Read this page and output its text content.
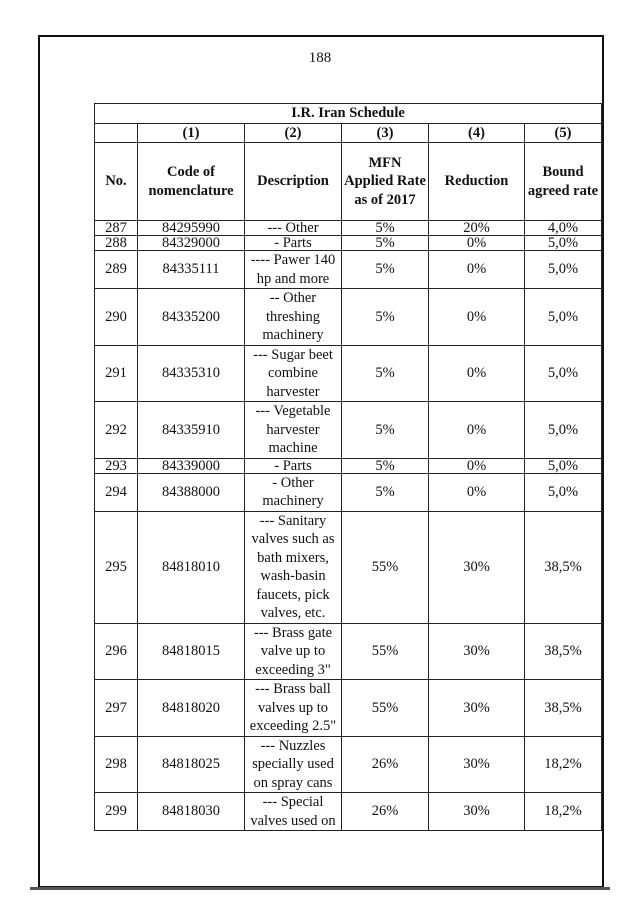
188
I.R. Iran Schedule					
	(1)	(2)	(3)	(4)	(5)
No.	Code of nomenclature	Description	MFN Applied Rate as of 2017	Reduction	Bound agreed rate
287	84295990	--- Other	5%	20%	4,0%
288	84329000	- Parts	5%	0%	5,0%
289	84335111	---- Pawer 140 hp and more	5%	0%	5,0%
290	84335200	-- Other threshing machinery	5%	0%	5,0%
291	84335310	--- Sugar beet combine harvester	5%	0%	5,0%
292	84335910	--- Vegetable harvester machine	5%	0%	5,0%
293	84339000	- Parts	5%	0%	5,0%
294	84388000	- Other machinery	5%	0%	5,0%
295	84818010	--- Sanitary valves such as bath mixers, wash-basin faucets, pick valves, etc.	55%	30%	38,5%
296	84818015	--- Brass gate valve up to exceeding 3"	55%	30%	38,5%
297	84818020	--- Brass ball valves up to exceeding 2.5"	55%	30%	38,5%
298	84818025	--- Nuzzles specially used on spray cans	26%	30%	18,2%
299	84818030	--- Special valves used on	26%	30%	18,2%
